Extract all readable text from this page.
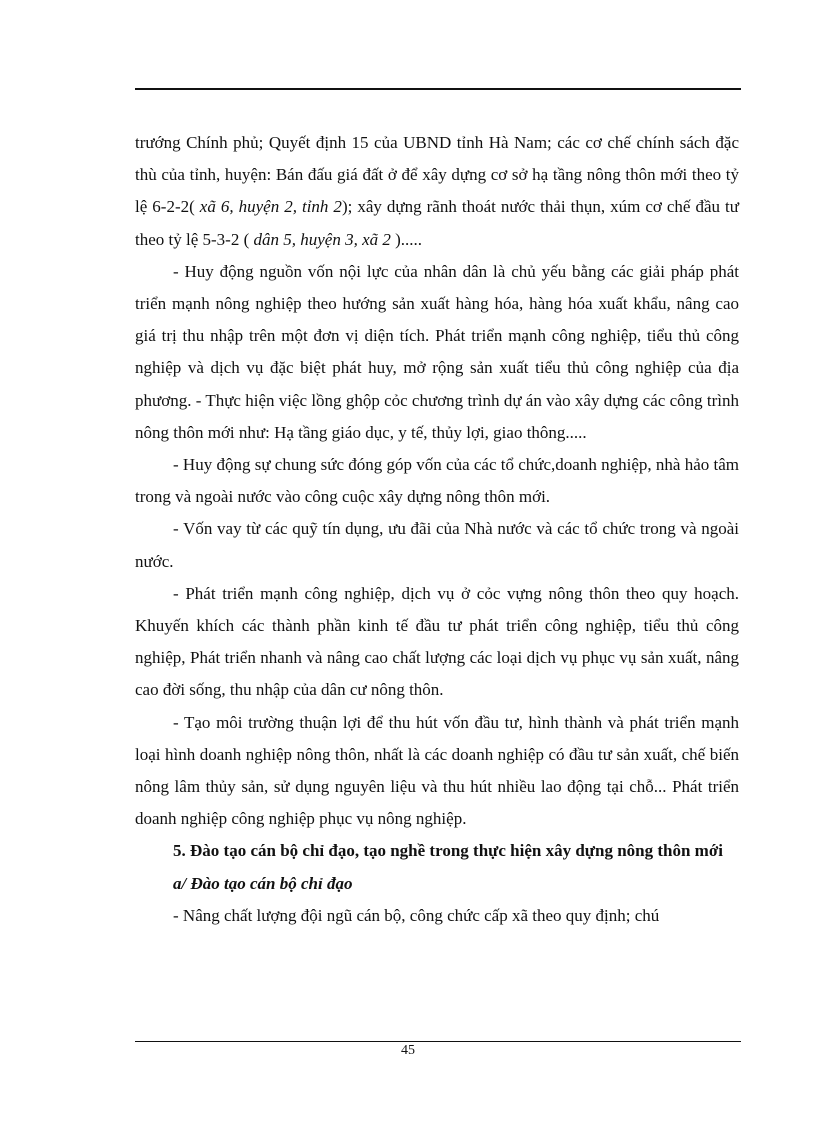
trướng Chính phủ; Quyết định 15 của UBND tỉnh Hà Nam; các cơ chế chính sách đặc thù của tỉnh, huyện: Bán đấu giá đất ở để xây dựng cơ sở hạ tầng nông thôn mới theo tỷ lệ 6-2-2( xã 6, huyện 2, tỉnh 2); xây dựng rãnh thoát nước thải thụn, xúm cơ chế đầu tư theo tỷ lệ 5-3-2 ( dân 5, huyện 3, xã 2 ).....

- Huy động nguồn vốn nội lực của nhân dân là chủ yếu bằng các giải pháp phát triển mạnh nông nghiệp theo hướng sản xuất hàng hóa, hàng hóa xuất khẩu, nâng cao giá trị thu nhập trên một đơn vị diện tích. Phát triển mạnh công nghiệp, tiểu thủ công nghiệp và dịch vụ đặc biệt phát huy, mở rộng sản xuất tiểu thủ công nghiệp của địa phương. - Thực hiện việc lồng ghộp cỏc chương trình dự án vào xây dựng các công trình nông thôn mới như: Hạ tầng giáo dục, y tế, thủy lợi, giao thông.....

- Huy động sự chung sức đóng góp vốn của các tổ chức,doanh nghiệp, nhà hảo tâm trong và ngoài nước vào công cuộc xây dựng nông thôn mới.

- Vốn vay từ các quỹ tín dụng, ưu đãi của Nhà nước và các tổ chức trong và ngoài nước.

- Phát triển mạnh công nghiệp, dịch vụ ở cỏc vựng nông thôn theo quy hoạch. Khuyến khích các thành phần kinh tế đầu tư phát triển công nghiệp, tiểu thủ công nghiệp, Phát triển nhanh và nâng cao chất lượng các loại dịch vụ phục vụ sản xuất, nâng cao đời sống, thu nhập của dân cư nông thôn.

- Tạo môi trường thuận lợi để thu hút vốn đầu tư, hình thành và phát triển mạnh loại hình doanh nghiệp nông thôn, nhất là các doanh nghiệp có đầu tư sản xuất, chế biến nông lâm thủy sản, sử dụng nguyên liệu và thu hút nhiều lao động tại chỗ... Phát triển doanh nghiệp công nghiệp phục vụ nông nghiệp.

5. Đào tạo cán bộ chỉ đạo, tạo nghề trong thực hiện xây dựng nông thôn mới

a/ Đào tạo cán bộ chỉ đạo

- Nâng chất lượng đội ngũ cán bộ, công chức cấp xã theo quy định; chú

45
